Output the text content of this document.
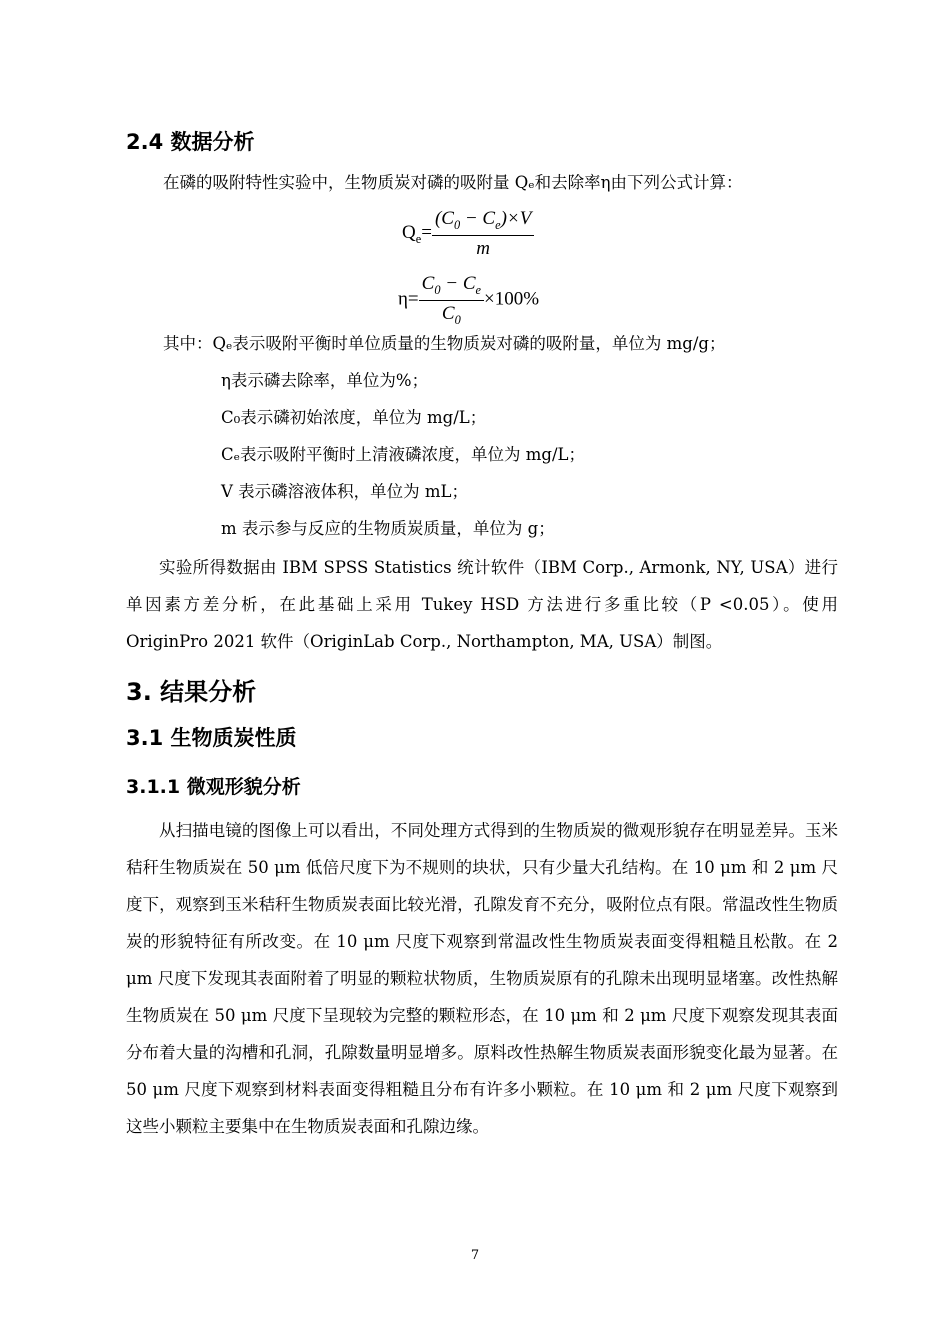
2.4 数据分析
在磷的吸附特性实验中，生物质炭对磷的吸附量 Qₑ和去除率η由下列公式计算：
$Q_e= \frac{(C_0 - C_e)\times V}{m}$
$\eta= \frac{C_0 - C_e}{C_0} \times 100\%$
其中：Qₑ表示吸附平衡时单位质量的生物质炭对磷的吸附量，单位为 mg/g；
η表示磷去除率，单位为%；
C₀表示磷初始浓度，单位为 mg/L；
Cₑ表示吸附平衡时上清液磷浓度，单位为 mg/L；
V 表示磷溶液体积，单位为 mL；
m 表示参与反应的生物质炭质量，单位为 g；
实验所得数据由 IBM SPSS Statistics 统计软件（IBM Corp., Armonk, NY, USA）进行单因素方差分析，在此基础上采用 Tukey HSD 方法进行多重比较（P <0.05）。使用 OriginPro 2021 软件（OriginLab Corp., Northampton, MA, USA）制图。
3. 结果分析
3.1 生物质炭性质
3.1.1 微观形貌分析
从扫描电镜的图像上可以看出，不同处理方式得到的生物质炭的微观形貌存在明显差异。玉米秸秆生物质炭在 50 μm 低倍尺度下为不规则的块状，只有少量大孔结构。在 10 μm 和 2 μm 尺度下，观察到玉米秸秆生物质炭表面比较光滑，孔隙发育不充分，吸附位点有限。常温改性生物质炭的形貌特征有所改变。在 10 μm 尺度下观察到常温改性生物质炭表面变得粗糙且松散。在 2 μm 尺度下发现其表面附着了明显的颗粒状物质，生物质炭原有的孔隙未出现明显堵塞。改性热解生物质炭在 50 μm 尺度下呈现较为完整的颗粒形态，在 10 μm 和 2 μm 尺度下观察发现其表面分布着大量的沟槽和孔洞，孔隙数量明显增多。原料改性热解生物质炭表面形貌变化最为显著。在 50 μm 尺度下观察到材料表面变得粗糙且分布有许多小颗粒。在 10 μm 和 2 μm 尺度下观察到这些小颗粒主要集中在生物质炭表面和孔隙边缘。
7
